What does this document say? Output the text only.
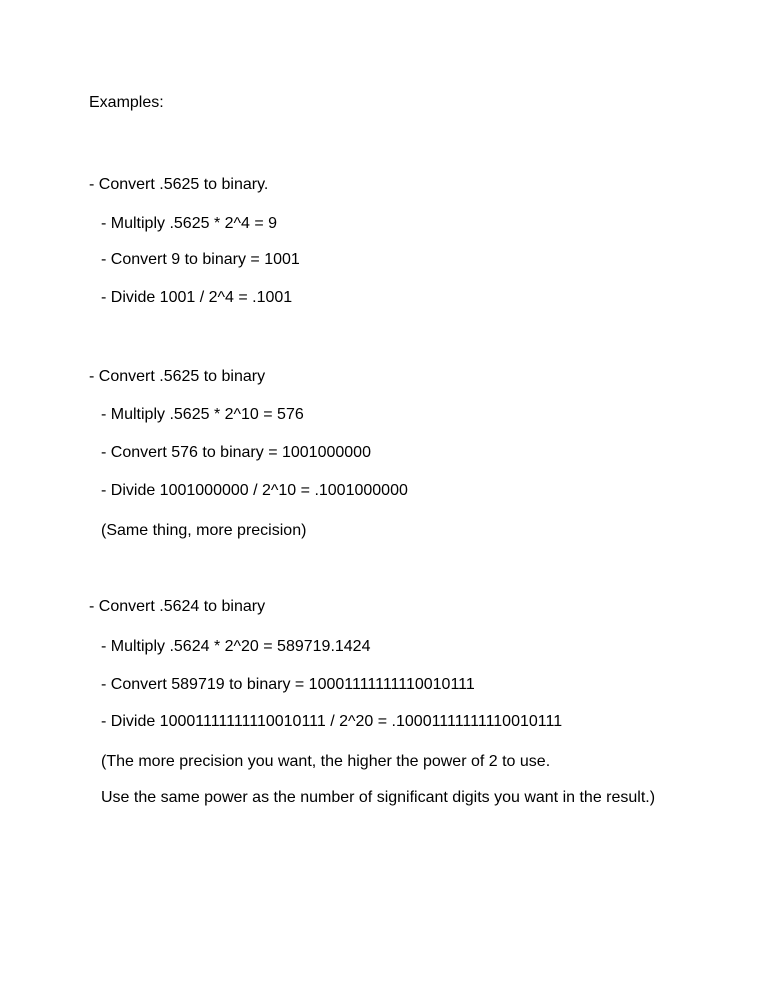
Examples:
- Convert .5625 to binary.
- Multiply .5625 * 2^4 = 9
- Convert 9 to binary = 1001
- Divide 1001 / 2^4 = .1001
- Convert .5625 to binary
- Multiply .5625 * 2^10 = 576
- Convert 576 to binary = 1001000000
- Divide 1001000000 / 2^10 = .1001000000
(Same thing, more precision)
- Convert .5624 to binary
- Multiply .5624 * 2^20 = 589719.1424
- Convert 589719 to binary = 10001111111110010111
- Divide 10001111111110010111 / 2^20 = .10001111111110010111
(The more precision you want, the higher the power of 2 to use.
Use the same power as the number of significant digits you want in the result.)
